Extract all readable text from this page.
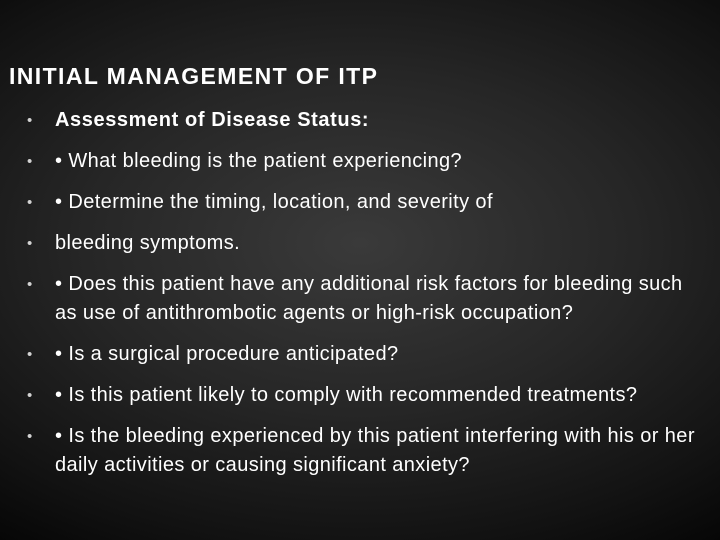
INITIAL MANAGEMENT OF ITP
• Assessment of Disease Status:
• • What bleeding is the patient experiencing?
• • Determine the timing, location, and severity of
• bleeding symptoms.
• • Does this patient have any additional risk factors for bleeding such as use of antithrombotic agents or high-risk occupation?
• • Is a surgical procedure anticipated?
• • Is this patient likely to comply with recommended treatments?
• • Is the bleeding experienced by this patient interfering with his or her daily activities or causing significant anxiety?
